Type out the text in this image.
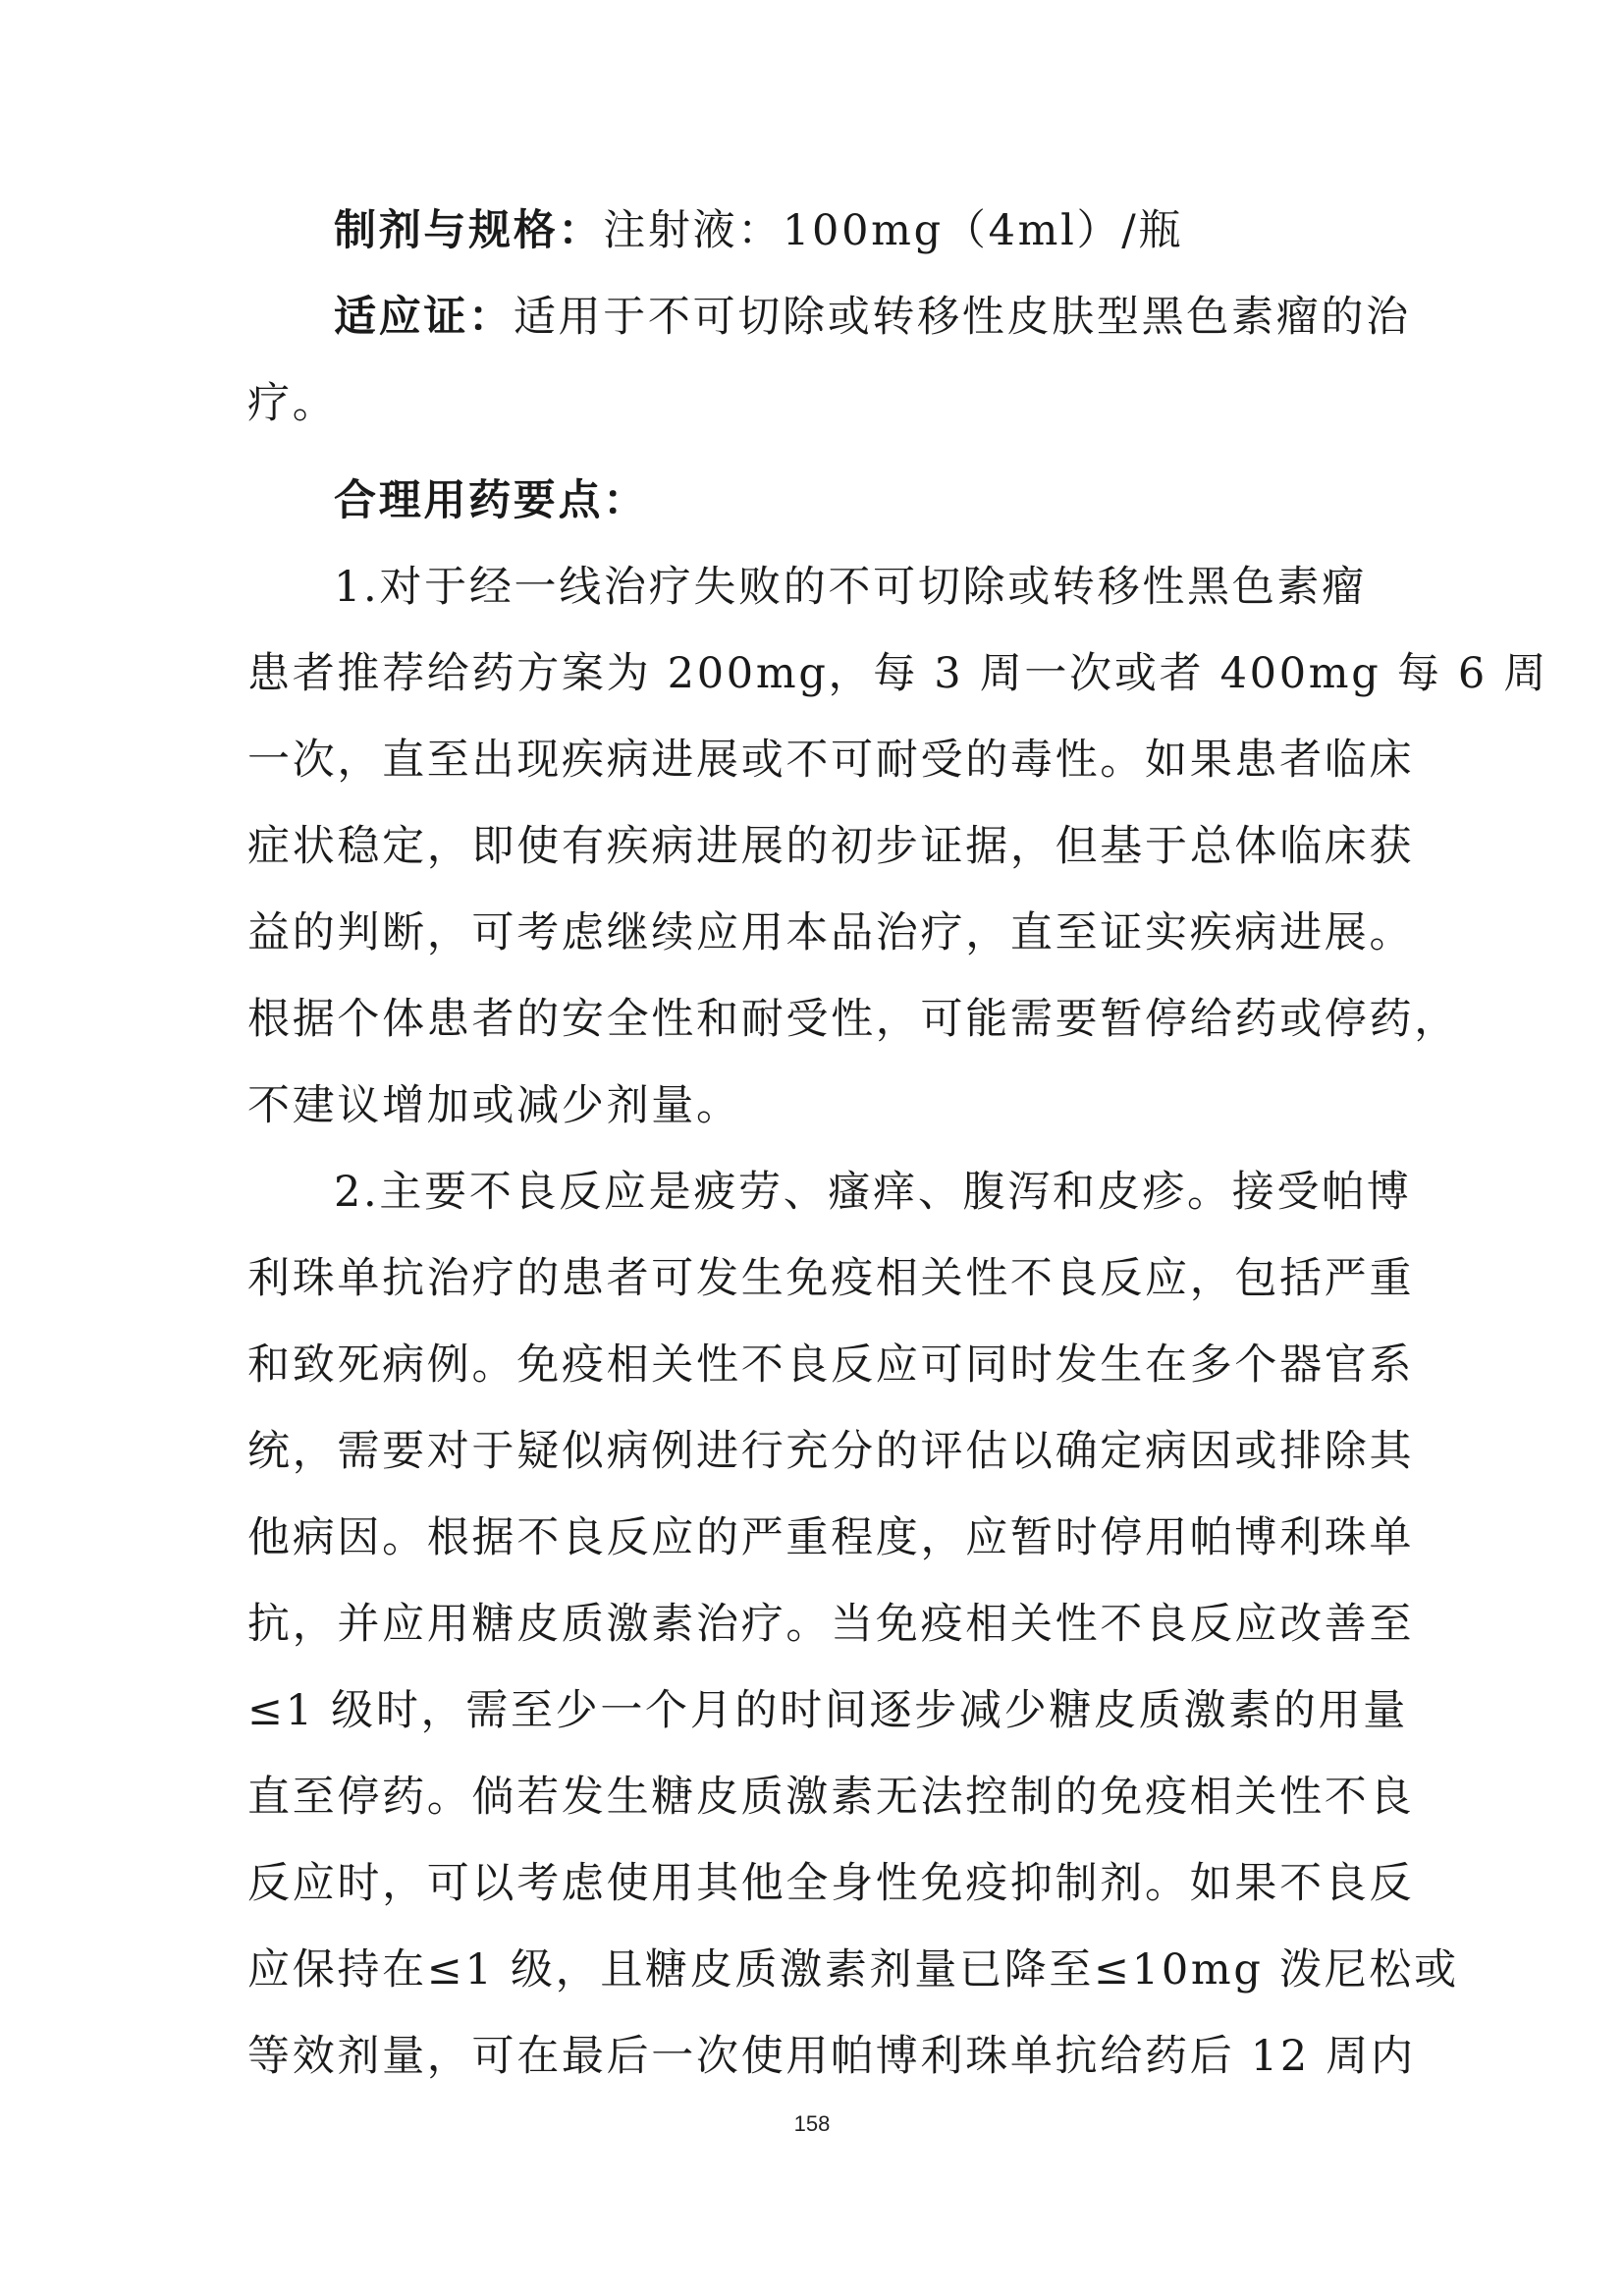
制剂与规格：注射液：100mg（4ml）/瓶
适应证：适用于不可切除或转移性皮肤型黑色素瘤的治
疗。
合理用药要点：
1.对于经一线治疗失败的不可切除或转移性黑色素瘤
患者推荐给药方案为 200mg，每 3 周一次或者 400mg 每 6 周
一次，直至出现疾病进展或不可耐受的毒性。如果患者临床
症状稳定，即使有疾病进展的初步证据，但基于总体临床获
益的判断，可考虑继续应用本品治疗，直至证实疾病进展。
根据个体患者的安全性和耐受性，可能需要暂停给药或停药，
不建议增加或减少剂量。
2.主要不良反应是疲劳、瘙痒、腹泻和皮疹。接受帕博
利珠单抗治疗的患者可发生免疫相关性不良反应，包括严重
和致死病例。免疫相关性不良反应可同时发生在多个器官系
统，需要对于疑似病例进行充分的评估以确定病因或排除其
他病因。根据不良反应的严重程度，应暂时停用帕博利珠单
抗，并应用糖皮质激素治疗。当免疫相关性不良反应改善至
≤1 级时，需至少一个月的时间逐步减少糖皮质激素的用量
直至停药。倘若发生糖皮质激素无法控制的免疫相关性不良
反应时，可以考虑使用其他全身性免疫抑制剂。如果不良反
应保持在≤1 级，且糖皮质激素剂量已降至≤10mg 泼尼松或
等效剂量，可在最后一次使用帕博利珠单抗给药后 12 周内
158
